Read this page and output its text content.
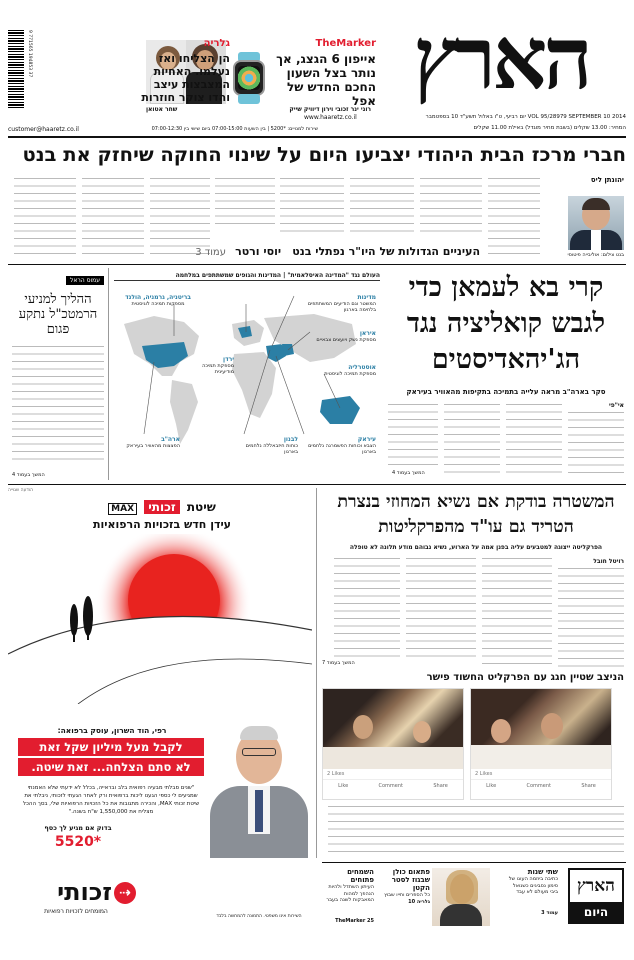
הארץ
VOL 95/28979 SEPTEMBER 10 2014 יום רביעי, ט"ו באלול תשע"ד 10 בספטמבר
www.haaretz.co.il
המחיר: 13.00 שקלים (בשבת מחיר מוגדל) באילת 11.00 שקלים
TheMarker
אייפון 6 הגצג, אך נותר בצל השעון החכם החדש של אפל
רוני ינר זכובי וירון דיוויק שייק
גלריה
הן הצליחו ואז נעלמו. האחיות המצבצות עיצב והדו צוקר חוזרות
שחר אטואן
9 771565 194853 37
customer@haaretz.co.il	שירות למנויים: *5200 | בין השעות 07:00-15:00 ביום שישי בין 07:00-12:30
חברי מרכז הבית היהודי יצביעו היום על שינוי החוקה שיחזק את בנט
יהונתן ליס
בנט צילום: אוליבייה פיטוסי
העיניים הגדולות של היו"ר נפתלי בנט יוסי ורטר עמוד 3
עמוס הראל
ההליך למניעי הרמטכ"ל נתקע פגום
המשך בעמוד 4
העולם נגד "המדינה האיסלאמית" | המדינות והגופים שמשתתפים במלחמה
בריטניה, גרמניה, הולנד
מספקות תמיכה לוגיסטית
מדינות
המשטר וגם הודיעים המשתתפים בלחימה בארגון
איראן
מספקת נשק ויועצים צבאיים
אוסטרליה
מספקת תמיכה לוגיסטית
ירדן
מספקת תמיכה מודיעינית
ארה"ב
הפצצות מהאוויר בעיראק
לבנון
כוחות חיזבאללה נלחמים בארגון
עיראק
הצבא וכוחות הפשמרגה נלחמים בארגון
קרי בא לעמאן כדי לגבש קואליציה נגד הג'יהאדיסטים
סקר בארה"ב מראה עלייה בתמיכה בתקיפות מהאוויר בעיראק
אי"פי
המשך בעמוד 4
המשטרה בודקת אם נשיא המחוזי בנצרת הטריד גם עו"ד מהפרקליטות
הפרקליטה ייצוגה למטבעים עליה בפנן אמה על הארוע, נשיא נבוהם מודע תלונה לא טופלה
רויטל חובל
המשך בעמוד 7
הניצב שטיין חגג עם הפרקליט החשוד פישר
2 Likes
Like	Comment	Share
2 Likes
Like	Comment	Share
הודעה שגוייה
שיטת זכותי MAX
עידן חדש בזכויות הרפואיות
רפי, הוד השרון, עוסק ברפואה:
לקבל מעל מיליון שקל זאת
לא סתם הצלחה... זאת שיטה.
"שנים סבלתי מבעיה רפואית בלב ובראייה, בכלל לא ידעתי שלא האמנתי שמגיעים לי כספי הגענו ליכות ברפואית ורק לאחר הגעתי לזכותי, ניבלתי את שיטת זכותי MAX, והכירה מתגובות את כל הזכויות הרפואיות שלי, בסך ההכל מצליח את 1,550,000 ש"ח בשנה."
בדוק אם מגיע לך כסף
5520*
⇢
זכותי
המומחים לזכויות רפואיות
השירות אינו משפטי. התמונה להמחשה בלבד
הארץ
היום
שתי שנות
כתיבה ביוזמה העוגו של סימון נסביגים כשנואל ביבי מעולם לא עבד
עמוד 3
פתאום כולן שבגוז לסטר הקטן
כל הספרים וחייו שבוץ
גלריה 10
השמחים פתוחים
העיתון השתדל ולהיות הנהפך למהות המאבקות לשנה בעבר
TheMarker 25
